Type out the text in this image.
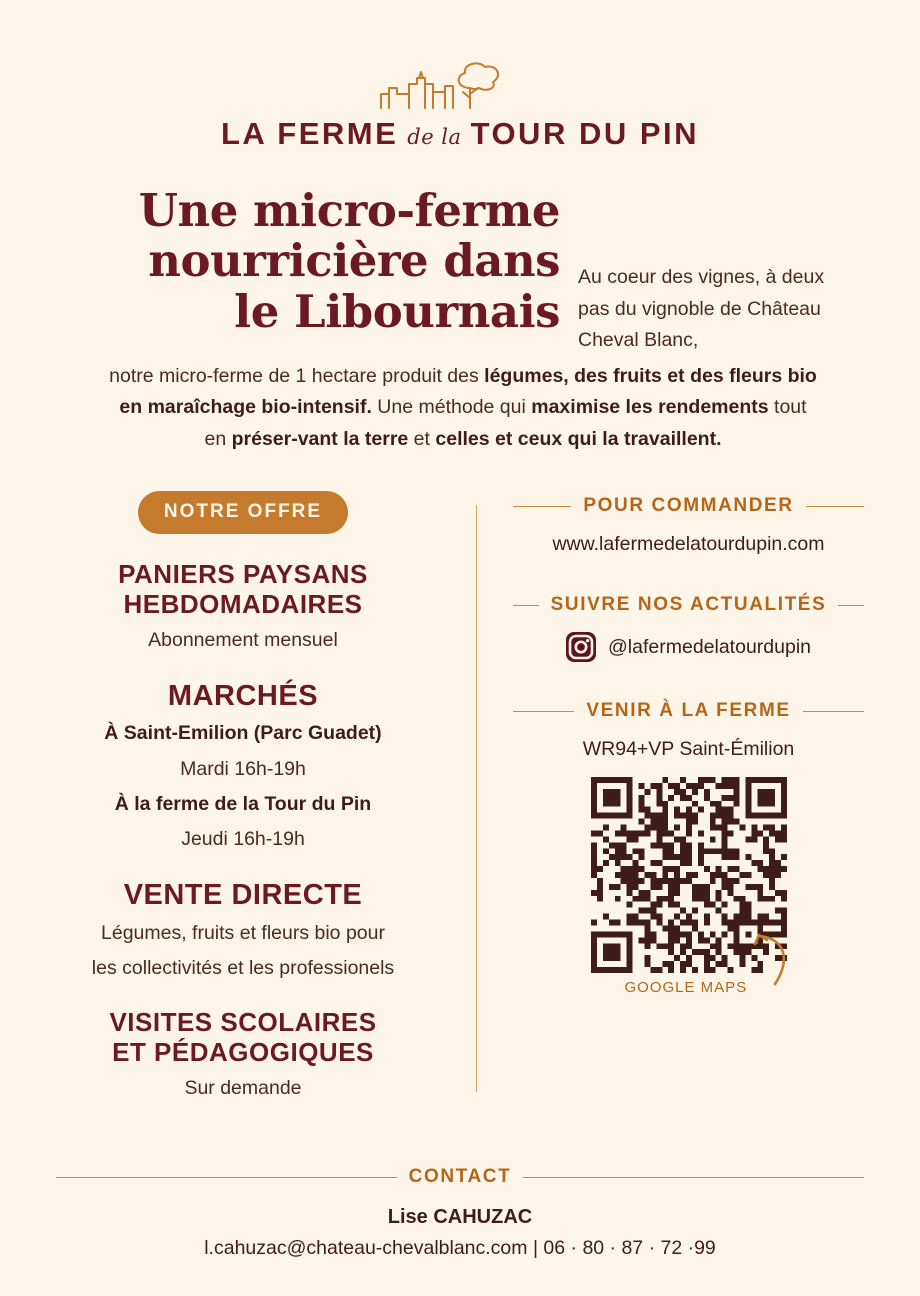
LA FERME de la TOUR DU PIN
Une micro-ferme
nourricière dans
le Libournais
Au coeur des vignes, à deux pas du vignoble de Château Cheval Blanc,
notre micro-ferme de 1 hectare produit des légumes, des fruits et des fleurs bio en maraîchage bio-intensif. Une méthode qui maximise les rendements tout en préser-vant la terre et celles et ceux qui la travaillent.
NOTRE OFFRE
PANIERS PAYSANS
HEBDOMADAIRES
Abonnement mensuel
MARCHÉS
À Saint-Emilion (Parc Guadet)
Mardi 16h-19h
À la ferme de la Tour du Pin
Jeudi 16h-19h
VENTE DIRECTE
Légumes, fruits et fleurs bio pour
les collectivités et les professionels
VISITES SCOLAIRES
ET PÉDAGOGIQUES
Sur demande
POUR COMMANDER
www.lafermedelatourdupin.com
SUIVRE NOS ACTUALITÉS
@lafermedelatourdupin
VENIR À LA FERME
WR94+VP Saint-Émilion
GOOGLE MAPS
CONTACT
Lise CAHUZAC
l.cahuzac@chateau-chevalblanc.com | 06 · 80 · 87 · 72 ·99
